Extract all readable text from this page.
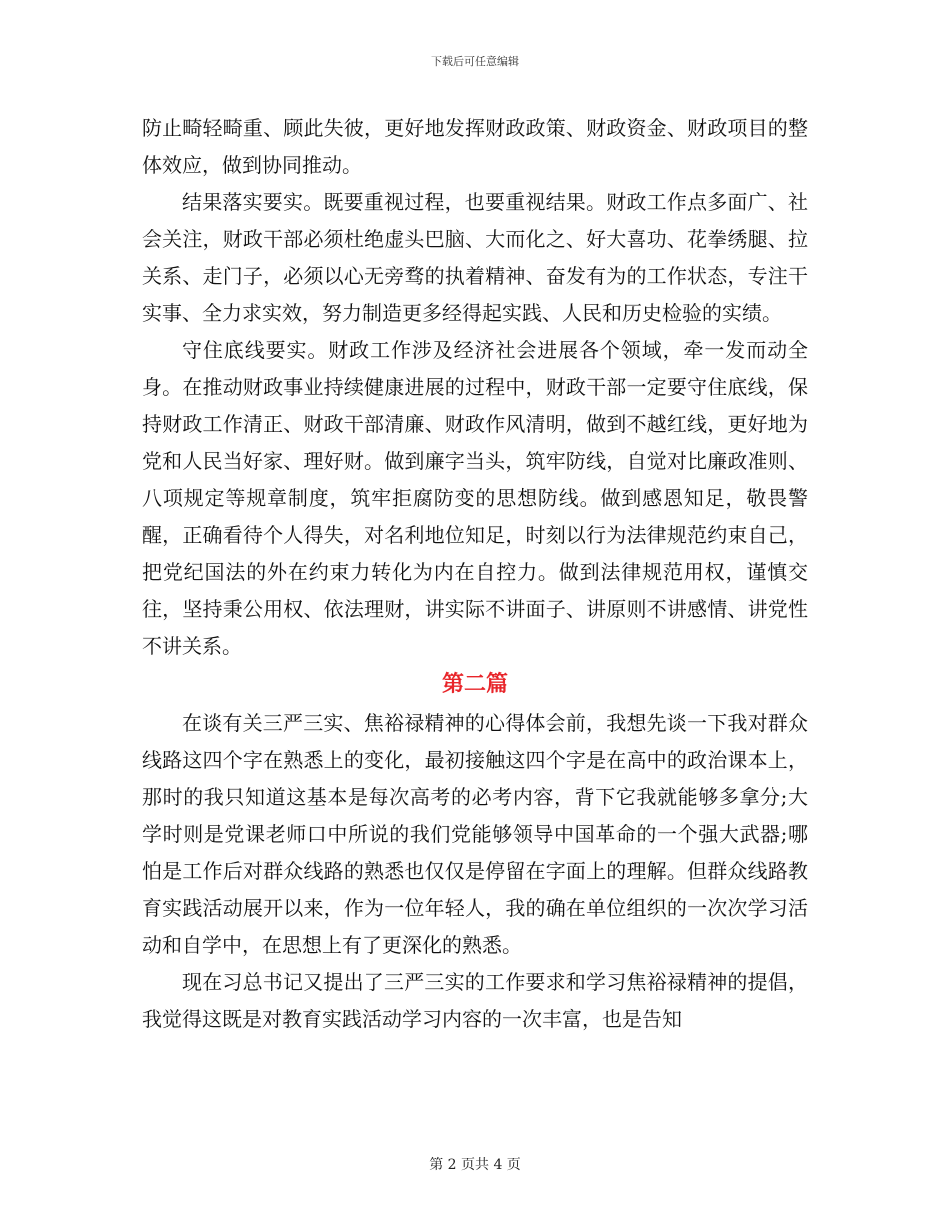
下载后可任意编辑

防止畸轻畸重、顾此失彼，更好地发挥财政政策、财政资金、财政项目的整体效应，做到协同推动。

结果落实要实。既要重视过程，也要重视结果。财政工作点多面广、社会关注，财政干部必须杜绝虚头巴脑、大而化之、好大喜功、花拳绣腿、拉关系、走门子，必须以心无旁骛的执着精神、奋发有为的工作状态，专注干实事、全力求实效，努力制造更多经得起实践、人民和历史检验的实绩。

守住底线要实。财政工作涉及经济社会进展各个领域，牵一发而动全身。在推动财政事业持续健康进展的过程中，财政干部一定要守住底线，保持财政工作清正、财政干部清廉、财政作风清明，做到不越红线，更好地为党和人民当好家、理好财。做到廉字当头，筑牢防线，自觉对比廉政准则、八项规定等规章制度，筑牢拒腐防变的思想防线。做到感恩知足，敬畏警醒，正确看待个人得失，对名利地位知足，时刻以行为法律规范约束自己，把党纪国法的外在约束力转化为内在自控力。做到法律规范用权，谨慎交往，坚持秉公用权、依法理财，讲实际不讲面子、讲原则不讲感情、讲党性不讲关系。

第二篇

在谈有关三严三实、焦裕禄精神的心得体会前，我想先谈一下我对群众线路这四个字在熟悉上的变化，最初接触这四个字是在高中的政治课本上，那时的我只知道这基本是每次高考的必考内容，背下它我就能够多拿分;大学时则是党课老师口中所说的我们党能够领导中国革命的一个强大武器;哪怕是工作后对群众线路的熟悉也仅仅是停留在字面上的理解。但群众线路教育实践活动展开以来，作为一位年轻人，我的确在单位组织的一次次学习活动和自学中，在思想上有了更深化的熟悉。

现在习总书记又提出了三严三实的工作要求和学习焦裕禄精神的提倡，我觉得这既是对教育实践活动学习内容的一次丰富，也是告知

第 2 页共 4 页
